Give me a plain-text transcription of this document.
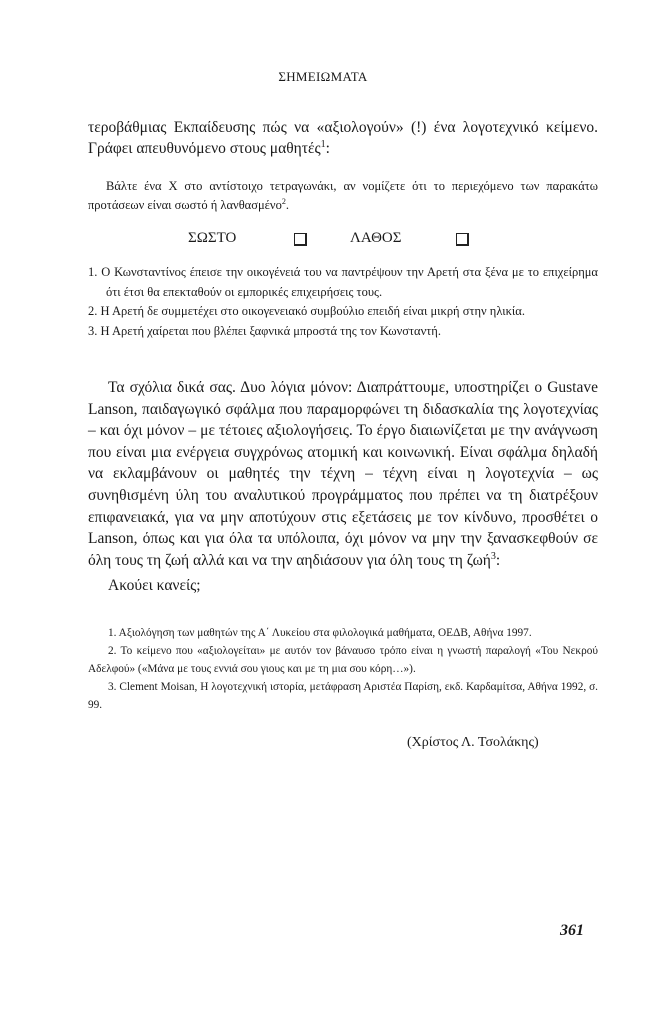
ΣΗΜΕΙΩΜΑΤΑ
τεροβάθμιας Εκπαίδευσης πώς να «αξιολογούν» (!) ένα λογοτεχνικό κείμενο. Γράφει απευθυνόμενο στους μαθητές$^1$:
Βάλτε ένα Χ στο αντίστοιχο τετραγωνάκι, αν νομίζετε ότι το περιεχόμενο των παρακάτω προτάσεων είναι σωστό ή λανθασμένο$^2$.
ΣΩΣΤΟ	ΛΑΘΟΣ
1. Ο Κωνσταντίνος έπεισε την οικογένειά του να παντρέψουν την Αρετή στα ξένα με το επιχείρημα ότι έτσι θα επεκταθούν οι εμπορικές επιχειρήσεις τους.
2. Η Αρετή δε συμμετέχει στο οικογενειακό συμβούλιο επειδή είναι μικρή στην ηλικία.
3. Η Αρετή χαίρεται που βλέπει ξαφνικά μπροστά της τον Κωνσταντή.
Τα σχόλια δικά σας. Δυο λόγια μόνον: Διαπράττουμε, υποστηρίζει ο Gustave Lanson, παιδαγωγικό σφάλμα που παραμορφώνει τη διδασκαλία της λογοτεχνίας – και όχι μόνον – με τέτοιες αξιολογήσεις. Το έργο διαιωνίζεται με την ανάγνωση που είναι μια ενέργεια συγχρόνως ατομική και κοινωνική. Είναι σφάλμα δηλαδή να εκλαμβάνουν οι μαθητές την τέχνη – τέχνη είναι η λογοτεχνία – ως συνηθισμένη ύλη του αναλυτικού προγράμματος που πρέπει να τη διατρέξουν επιφανειακά, για να μην αποτύχουν στις εξετάσεις με τον κίνδυνο, προσθέτει ο Lanson, όπως και για όλα τα υπόλοιπα, όχι μόνον να μην την ξανασκεφθούν σε όλη τους τη ζωή αλλά και να την αηδιάσουν για όλη τους τη ζωή$^3$:
Ακούει κανείς;
1. Αξιολόγηση των μαθητών της Α΄ Λυκείου στα φιλολογικά μαθήματα, ΟΕΔΒ, Αθήνα 1997.
2. Το κείμενο που «αξιολογείται» με αυτόν τον βάναυσο τρόπο είναι η γνωστή παραλογή «Του Νεκρού Αδελφού» («Μάνα με τους εννιά σου γιους και με τη μια σου κόρη…»).
3. Clement Moisan, Η λογοτεχνική ιστορία, μετάφραση Αριστέα Παρίση, εκδ. Καρδαμίτσα, Αθήνα 1992, σ. 99.
(Χρίστος Λ. Τσολάκης)
361
